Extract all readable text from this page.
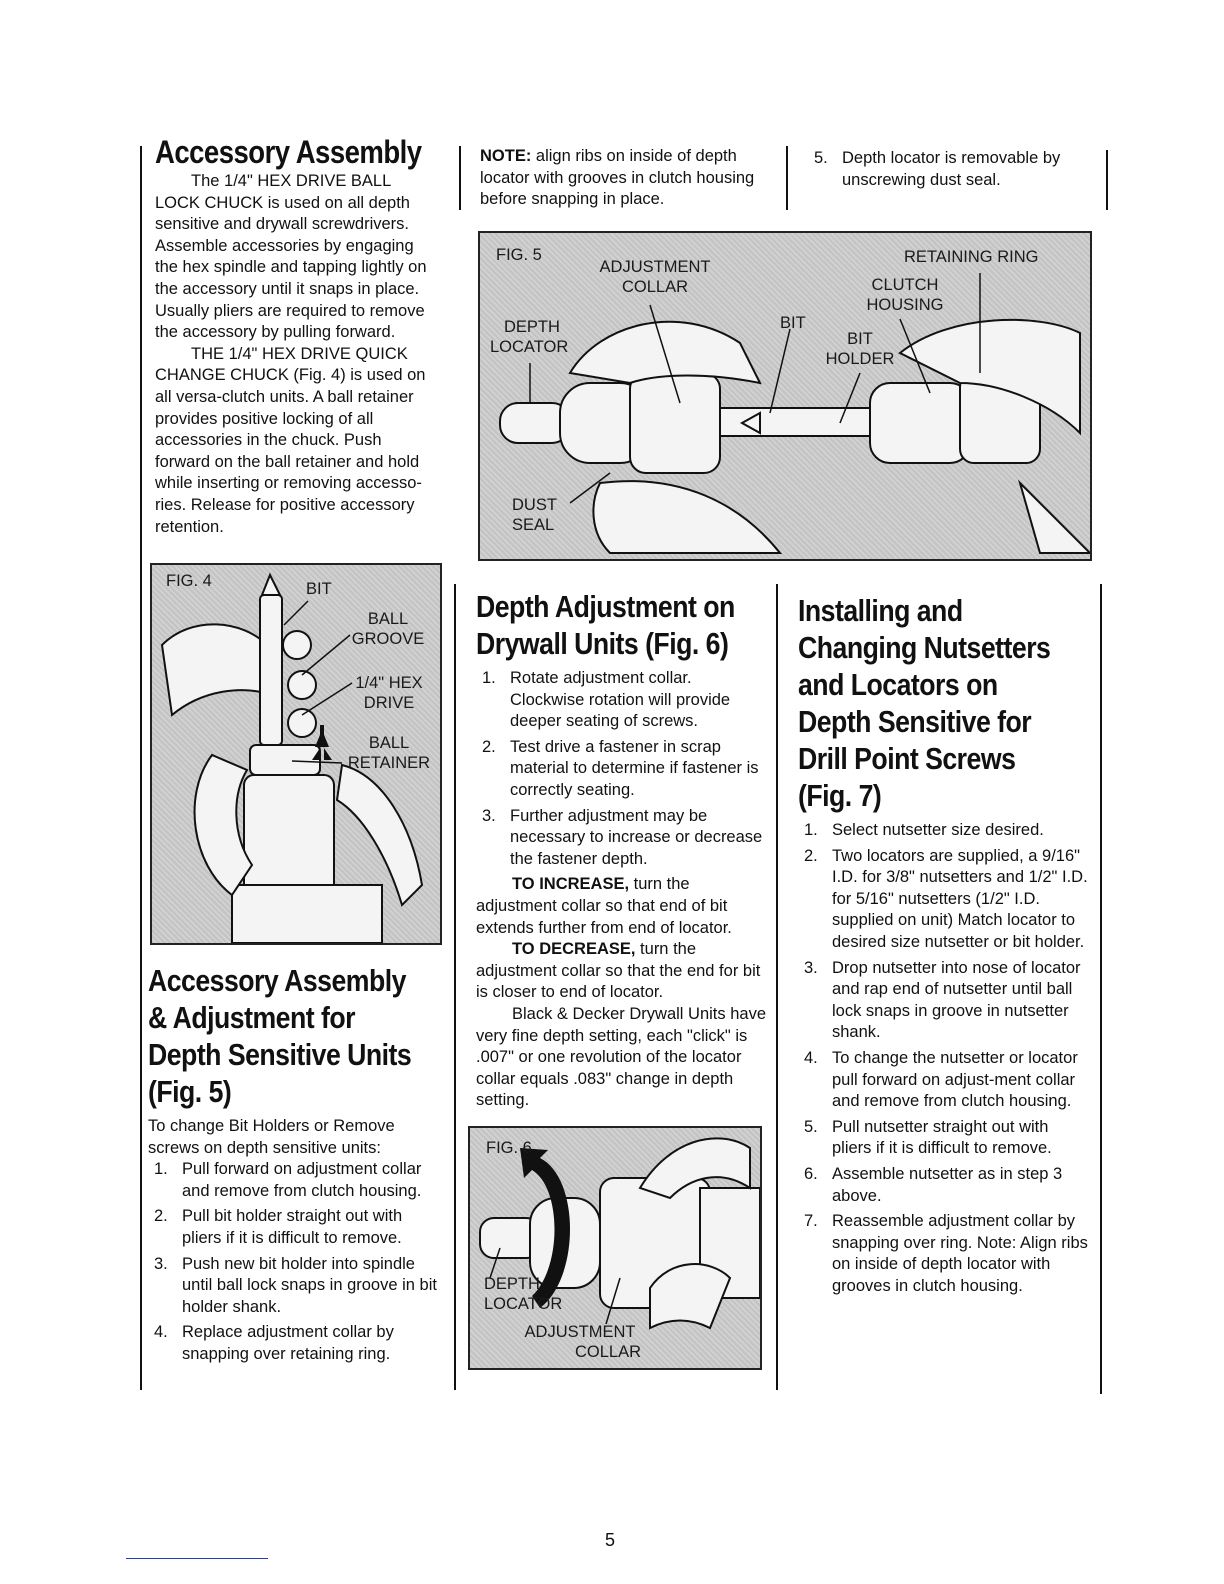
Accessory Assembly

The 1/4" HEX DRIVE BALL LOCK CHUCK is used on all depth sensitive and drywall screwdrivers. Assemble accessories by engaging the hex spindle and tapping lightly on the accessory until it snaps in place. Usually pliers are required to remove the accessory by pulling forward.

THE 1/4" HEX DRIVE QUICK CHANGE CHUCK (Fig. 4) is used on all versa-clutch units. A ball retainer provides positive locking of all accessories in the chuck. Push forward on the ball retainer and hold while inserting or removing accesso-ries. Release for positive accessory retention.

FIG. 4	BIT
BALL
GROOVE
1/4" HEX
DRIVE
BALL
RETAINER
Accessory Assembly
& Adjustment for
Depth Sensitive Units
(Fig. 5)

To change Bit Holders or Remove screws on depth sensitive units:

1. Pull forward on adjustment collar and remove from clutch housing.
2. Pull bit holder straight out with pliers if it is difficult to remove.
3. Push new bit holder into spindle until ball lock snaps in groove in bit holder shank.
4. Replace adjustment collar by snapping over retaining ring.
NOTE: align ribs on inside of depth locator with grooves in clutch housing before snapping in place.
5. Depth locator is removable by unscrewing dust seal.
FIG. 5
ADJUSTMENT
COLLAR
DEPTH
LOCATOR
BIT
RETAINING RING
CLUTCH
HOUSING
BIT
HOLDER
DUST
SEAL
Depth Adjustment on
Drywall Units (Fig. 6)
1. Rotate adjustment collar. Clockwise rotation will provide deeper seating of screws.
2. Test drive a fastener in scrap material to determine if fastener is correctly seating.
3. Further adjustment may be necessary to increase or decrease the fastener depth.

TO INCREASE, turn the adjustment collar so that end of bit extends further from end of locator.

TO DECREASE, turn the adjustment collar so that the end for bit is closer to end of locator.

Black & Decker Drywall Units have very fine depth setting, each "click" is .007" or one revolution of the locator collar equals .083" change in depth setting.

FIG. 6
DEPTH
LOCATOR
ADJUSTMENT
COLLAR
Installing and
Changing Nutsetters
and Locators on
Depth Sensitive for
Drill Point Screws
(Fig. 7)
1. Select nutsetter size desired.
2. Two locators are supplied, a 9/16" I.D. for 3/8" nutsetters and 1/2" I.D. for 5/16" nutsetters (1/2" I.D. supplied on unit) Match locator to desired size nutsetter or bit holder.
3. Drop nutsetter into nose of locator and rap end of nutsetter until ball lock snaps in groove in nutsetter shank.
4. To change the nutsetter or locator pull forward on adjust-ment collar and remove from clutch housing.
5. Pull nutsetter straight out with pliers if it is difficult to remove.
6. Assemble nutsetter as in step 3 above.
7. Reassemble adjustment collar by snapping over ring. Note: Align ribs on inside of depth locator with grooves in clutch housing.
5
